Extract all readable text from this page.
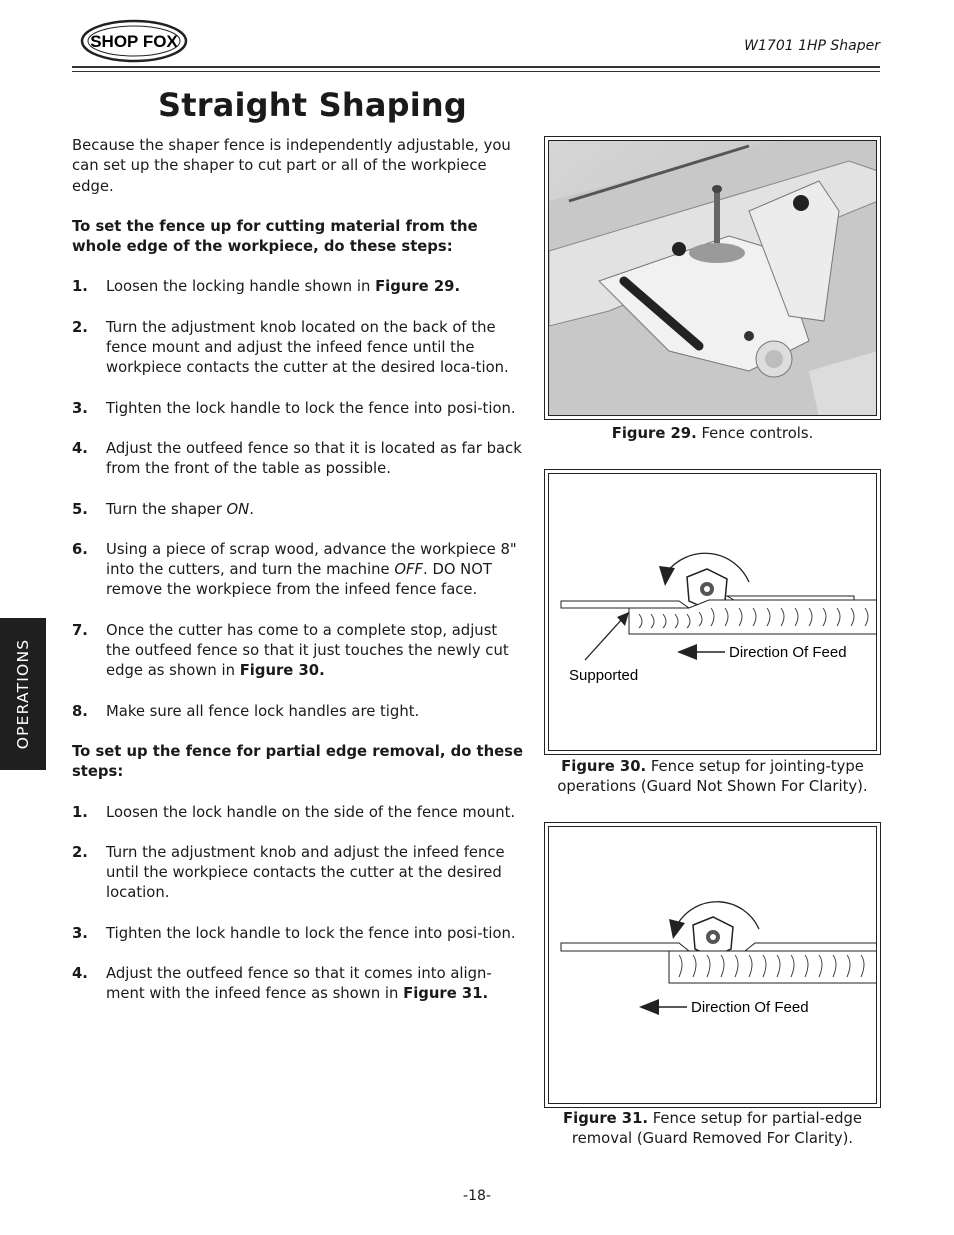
SHOP FOX	W1701 1HP Shaper
Straight Shaping

Because the shaper fence is independently adjustable, you can set up the shaper to cut part or all of the workpiece edge.

To set the fence up for cutting material from the whole edge of the workpiece, do these steps:

1.	Loosen the locking handle shown in Figure 29.
2.	Turn the adjustment knob located on the back of the fence mount and adjust the infeed fence until the workpiece contacts the cutter at the desired loca-tion.
3.	Tighten the lock handle to lock the fence into posi-tion.
4.	Adjust the outfeed fence so that it is located as far back from the front of the table as possible.
5.	Turn the shaper ON.
6.	Using a piece of scrap wood, advance the workpiece 8" into the cutters, and turn the machine OFF. DO NOT remove the workpiece from the infeed fence face.
7.	Once the cutter has come to a complete stop, adjust the outfeed fence so that it just touches the newly cut edge as shown in Figure 30.
8.	Make sure all fence lock handles are tight.

To set up the fence for partial edge removal, do these steps:

1.	Loosen the lock handle on the side of the fence mount.
2.	Turn the adjustment knob and adjust the infeed fence until the workpiece contacts the cutter at the desired location.
3.	Tighten the lock handle to lock the fence into posi-tion.
4.	Adjust the outfeed fence so that it comes into align-ment with the infeed fence as shown in Figure 31.
OPERATIONS
Figure 29. Fence controls.
Direction Of Feed
Supported
Figure 30. Fence setup for jointing-type operations (Guard Not Shown For Clarity).
Direction Of Feed
Figure 31. Fence setup for partial-edge removal (Guard Removed For Clarity).
-18-
